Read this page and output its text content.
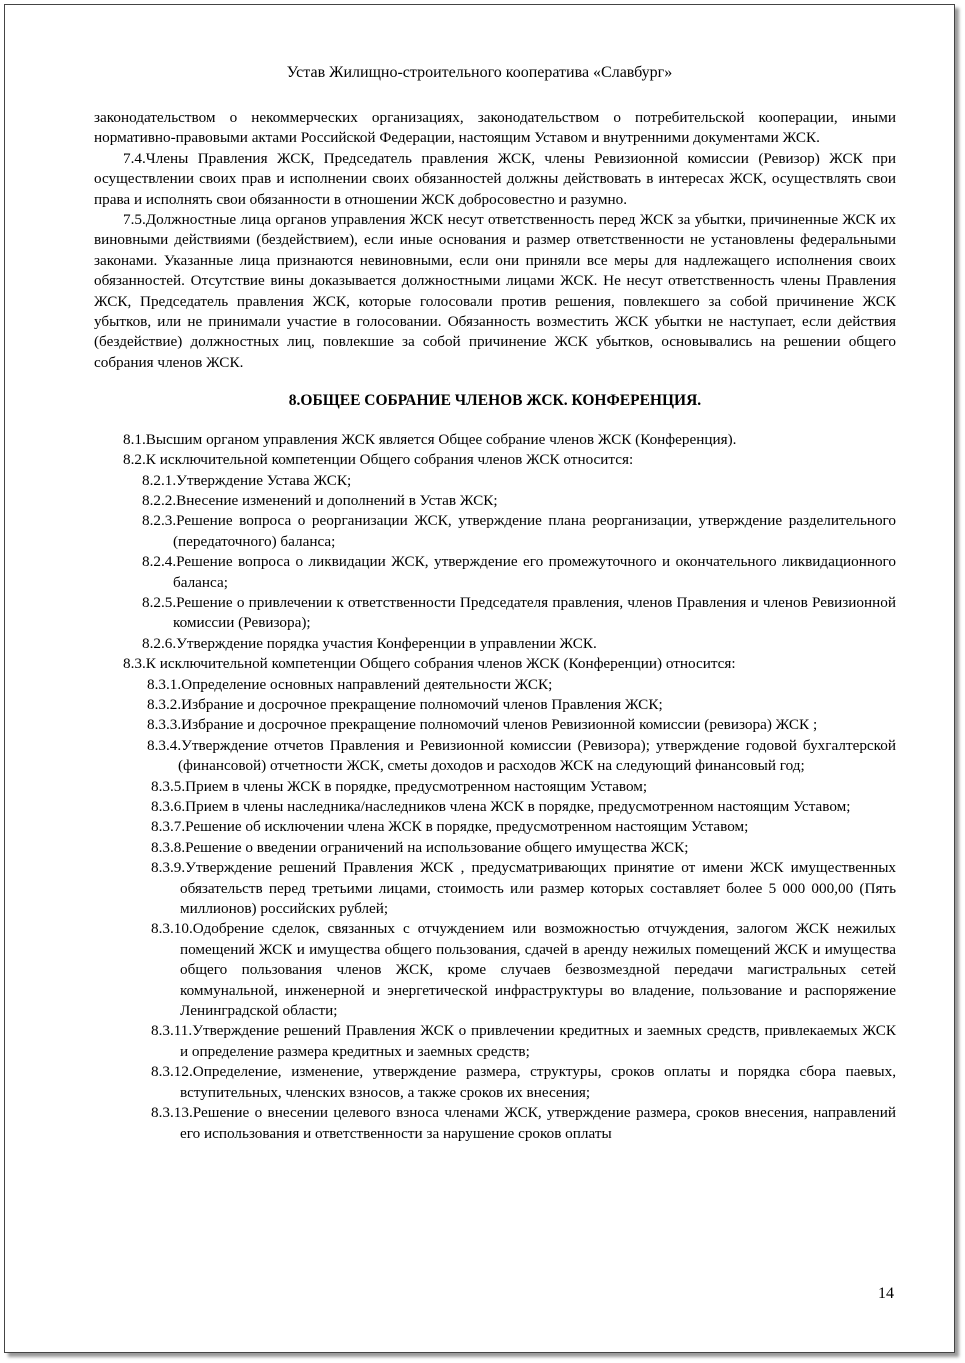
Устав Жилищно-строительного кооператива «Славбург»

законодательством о некоммерческих организациях, законодательством о потребительской кооперации, иными нормативно-правовыми актами Российской Федерации, настоящим Уставом и внутренними документами ЖСК.

7.4.Члены Правления ЖСК, Председатель правления ЖСК, члены Ревизионной комиссии (Ревизор) ЖСК при осуществлении своих прав и исполнении своих обязанностей должны действовать в интересах ЖСК, осуществлять свои права и исполнять свои обязанности в отношении ЖСК добросовестно и разумно.

7.5.Должностные лица органов управления ЖСК несут ответственность перед ЖСК за убытки, причиненные ЖСК их виновными действиями (бездействием), если иные основания и размер ответственности не установлены федеральными законами. Указанные лица признаются невиновными, если они приняли все меры для надлежащего исполнения своих обязанностей. Отсутствие вины доказывается должностными лицами ЖСК. Не несут ответственность члены Правления ЖСК, Председатель правления ЖСК, которые голосовали против решения, повлекшего за собой причинение ЖСК убытков, или не принимали участие в голосовании. Обязанность возместить ЖСК убытки не наступает, если действия (бездействие) должностных лиц, повлекшие за собой причинение ЖСК убытков, основывались на решении общего собрания членов ЖСК.

8.ОБЩЕЕ СОБРАНИЕ ЧЛЕНОВ ЖСК. КОНФЕРЕНЦИЯ.

8.1.Высшим органом управления ЖСК является Общее собрание членов ЖСК (Конференция).

8.2.К исключительной компетенции Общего собрания членов ЖСК относится:

8.2.1.Утверждение Устава ЖСК;

8.2.2.Внесение изменений и дополнений в Устав ЖСК;

8.2.3.Решение вопроса о реорганизации ЖСК, утверждение плана реорганизации, утверждение разделительного (передаточного) баланса;

8.2.4.Решение вопроса о ликвидации ЖСК, утверждение его промежуточного и окончательного ликвидационного баланса;

8.2.5.Решение о привлечении к ответственности Председателя правления, членов Правления и членов Ревизионной комиссии (Ревизора);

8.2.6.Утверждение порядка участия Конференции в управлении ЖСК.

8.3.К исключительной компетенции Общего собрания членов ЖСК (Конференции) относится:

8.3.1.Определение основных направлений деятельности ЖСК;

8.3.2.Избрание и досрочное прекращение полномочий членов Правления ЖСК;

8.3.3.Избрание и досрочное прекращение полномочий членов Ревизионной комиссии (ревизора) ЖСК ;

8.3.4.Утверждение отчетов Правления и Ревизионной комиссии (Ревизора); утверждение годовой бухгалтерской (финансовой) отчетности ЖСК, сметы доходов и расходов ЖСК на следующий финансовый год;

8.3.5.Прием в члены ЖСК в порядке, предусмотренном настоящим Уставом;

8.3.6.Прием в члены наследника/наследников члена ЖСК в порядке, предусмотренном настоящим Уставом;

8.3.7.Решение об исключении члена ЖСК в порядке, предусмотренном настоящим Уставом;

8.3.8.Решение о введении ограничений на использование общего имущества ЖСК;

8.3.9.Утверждение решений Правления ЖСК , предусматривающих принятие от имени ЖСК имущественных обязательств перед третьими лицами, стоимость или размер которых составляет более 5 000 000,00 (Пять миллионов) российских рублей;

8.3.10.Одобрение сделок, связанных с отчуждением или возможностью отчуждения, залогом ЖСК нежилых помещений ЖСК и имущества общего пользования, сдачей в аренду нежилых помещений ЖСК и имущества общего пользования членов ЖСК, кроме случаев безвозмездной передачи магистральных сетей коммунальной, инженерной и энергетической инфраструктуры во владение, пользование и распоряжение Ленинградской области;

8.3.11.Утверждение решений Правления ЖСК о привлечении кредитных и заемных средств, привлекаемых ЖСК и определение размера кредитных и заемных средств;

8.3.12.Определение, изменение, утверждение размера, структуры, сроков оплаты и порядка сбора паевых, вступительных, членских взносов, а также сроков их внесения;

8.3.13.Решение о внесении целевого взноса членами ЖСК, утверждение размера, сроков внесения, направлений его использования и ответственности за нарушение сроков оплаты

14
